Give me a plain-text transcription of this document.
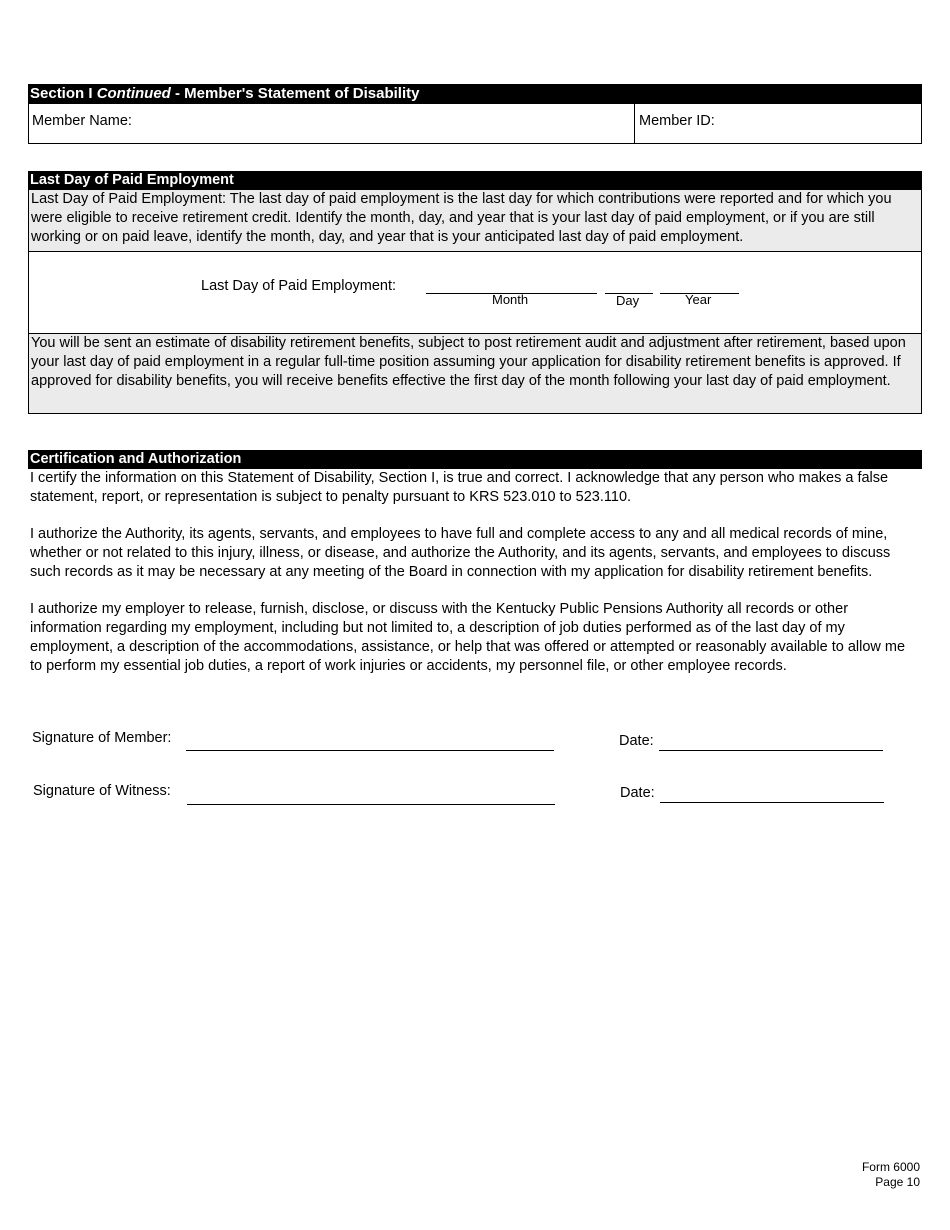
Section I Continued - Member's Statement of Disability
Member Name:	Member ID:
Last Day of Paid Employment
Last Day of Paid Employment: The last day of paid employment is the last day for which contributions were reported and for which you were eligible to receive retirement credit. Identify the month, day, and year that is your last day of paid employment, or if you are still working or on paid leave, identify the month, day, and year that is your anticipated last day of paid employment.
Last Day of Paid Employment:
Month	Day	Year
You will be sent an estimate of disability retirement benefits, subject to post retirement audit and adjustment after retirement, based upon your last day of paid employment in a regular full-time position assuming your application for disability retirement benefits is approved. If approved for disability benefits, you will receive benefits effective the first day of the month following your last day of paid employment.
Certification and Authorization

I certify the information on this Statement of Disability, Section I, is true and correct. I acknowledge that any person who makes a false statement, report, or representation is subject to penalty pursuant to KRS 523.010 to 523.110.

I authorize the Authority, its agents, servants, and employees to have full and complete access to any and all medical records of mine, whether or not related to this injury, illness, or disease, and authorize the Authority, and its agents, servants, and employees to discuss such records as it may be necessary at any meeting of the Board in connection with my application for disability retirement benefits.

I authorize my employer to release, furnish, disclose, or discuss with the Kentucky Public Pensions Authority all records or other information regarding my employment, including but not limited to, a description of job duties performed as of the last day of my employment, a description of the accommodations, assistance, or help that was offered or attempted or reasonably available to allow me to perform my essential job duties, a report of work injuries or accidents, my personnel file, or other employee records.

Signature of Member:	Date:
Signature of Witness:	Date:
Form 6000
Page 10
